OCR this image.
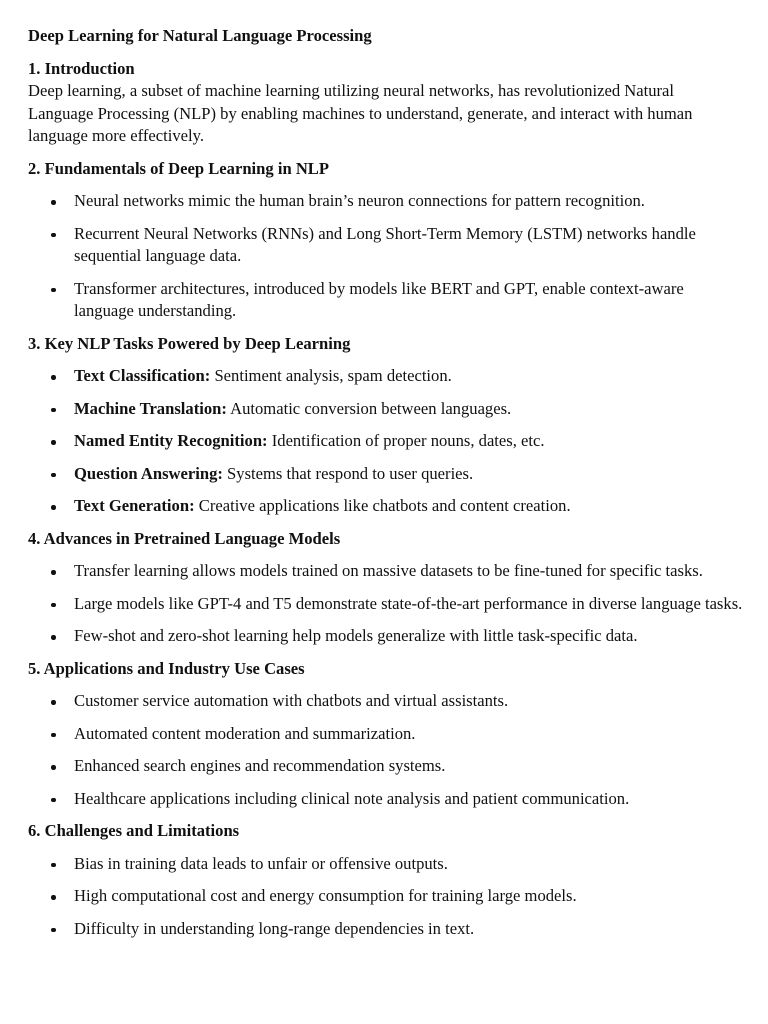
Deep Learning for Natural Language Processing
1. Introduction

Deep learning, a subset of machine learning utilizing neural networks, has revolutionized Natural Language Processing (NLP) by enabling machines to understand, generate, and interact with human language more effectively.

2. Fundamentals of Deep Learning in NLP
Neural networks mimic the human brain’s neuron connections for pattern recognition.
Recurrent Neural Networks (RNNs) and Long Short-Term Memory (LSTM) networks handle sequential language data.
Transformer architectures, introduced by models like BERT and GPT, enable context-aware language understanding.
3. Key NLP Tasks Powered by Deep Learning
Text Classification: Sentiment analysis, spam detection.
Machine Translation: Automatic conversion between languages.
Named Entity Recognition: Identification of proper nouns, dates, etc.
Question Answering: Systems that respond to user queries.
Text Generation: Creative applications like chatbots and content creation.
4. Advances in Pretrained Language Models
Transfer learning allows models trained on massive datasets to be fine-tuned for specific tasks.
Large models like GPT-4 and T5 demonstrate state-of-the-art performance in diverse language tasks.
Few-shot and zero-shot learning help models generalize with little task-specific data.
5. Applications and Industry Use Cases
Customer service automation with chatbots and virtual assistants.
Automated content moderation and summarization.
Enhanced search engines and recommendation systems.
Healthcare applications including clinical note analysis and patient communication.
6. Challenges and Limitations
Bias in training data leads to unfair or offensive outputs.
High computational cost and energy consumption for training large models.
Difficulty in understanding long-range dependencies in text.
